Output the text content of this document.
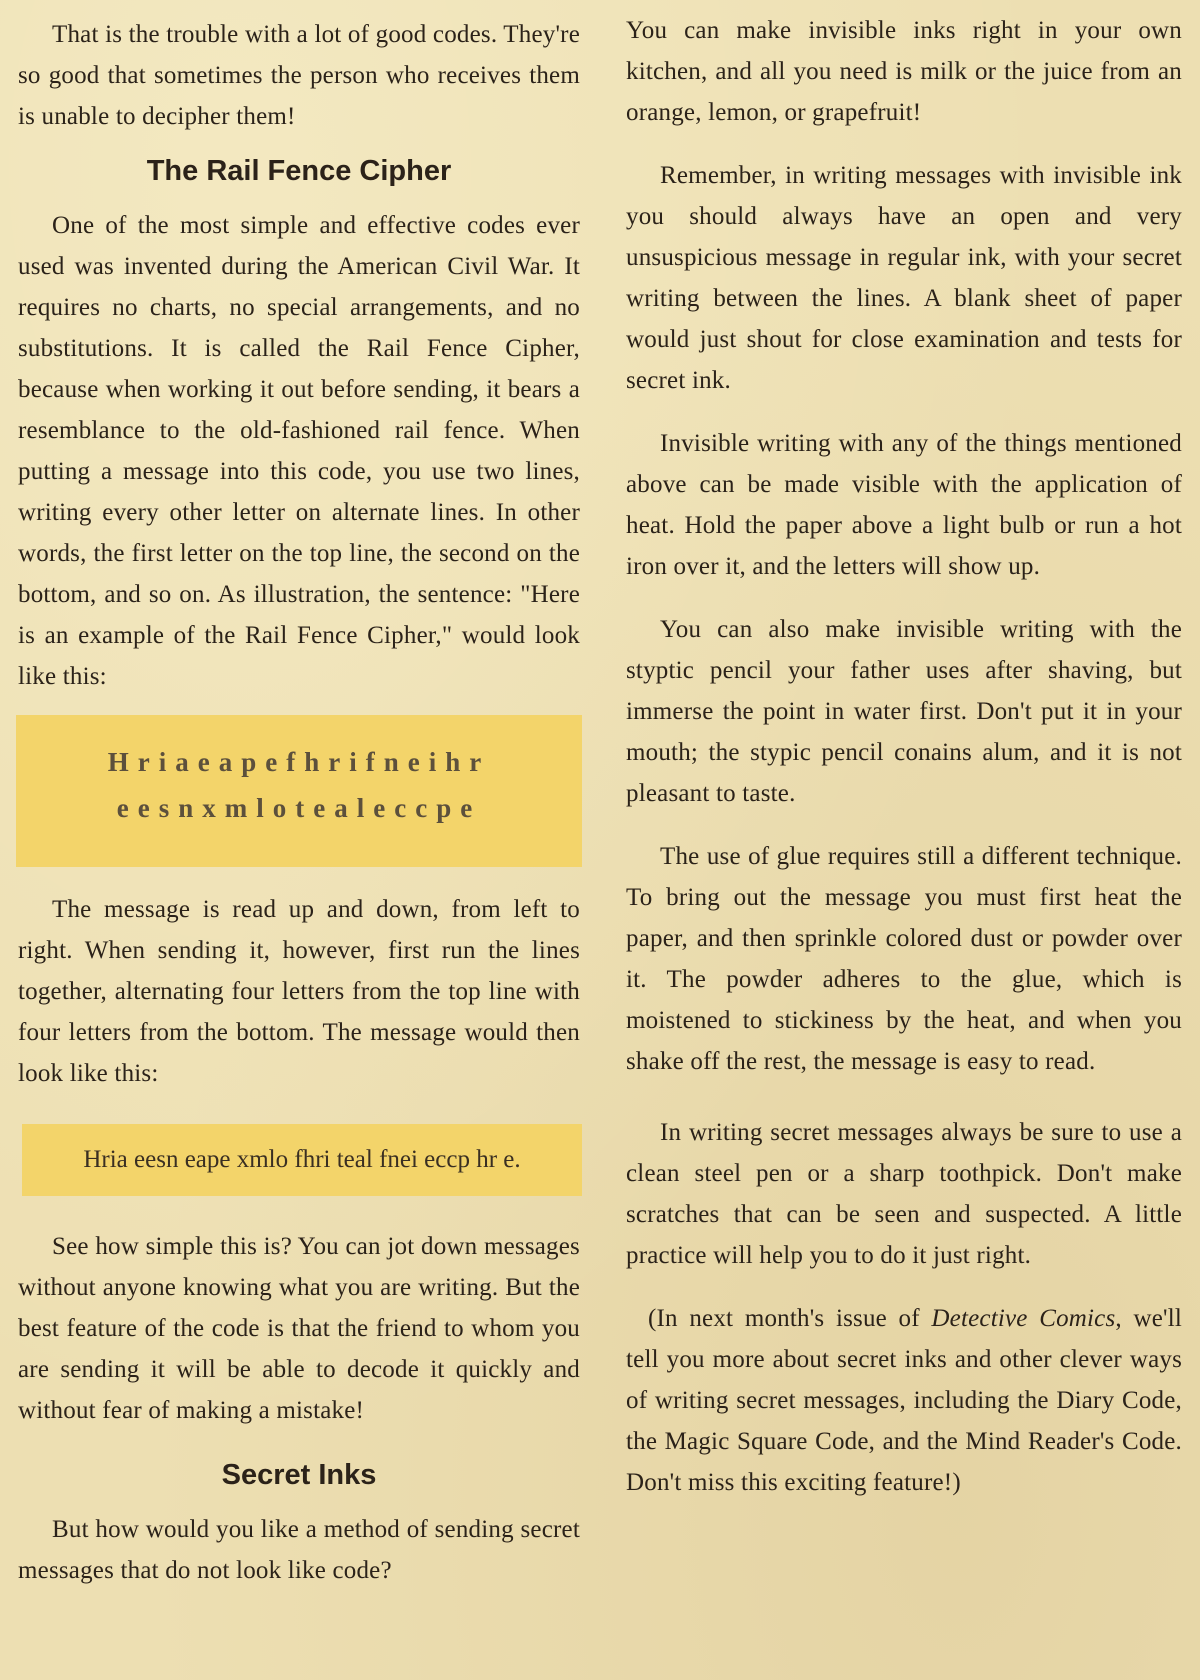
That is the trouble with a lot of good codes. They're so good that sometimes the person who receives them is unable to decipher them!

The Rail Fence Cipher

One of the most simple and effective codes ever used was invented during the American Civil War. It requires no charts, no special arrangements, and no substitutions. It is called the Rail Fence Cipher, because when working it out before sending, it bears a resemblance to the old-fashioned rail fence. When putting a message into this code, you use two lines, writing every other letter on alternate lines. In other words, the first letter on the top line, the second on the bottom, and so on. As illustration, the sentence: "Here is an example of the Rail Fence Cipher," would look like this:

Hriaeapefhrifneihr
eesnxmlotealeccpe

The message is read up and down, from left to right. When sending it, however, first run the lines together, alternating four letters from the top line with four letters from the bottom. The message would then look like this:

Hria eesn eape xmlo fhri teal fnei eccp hr e.

See how simple this is? You can jot down messages without anyone knowing what you are writing. But the best feature of the code is that the friend to whom you are sending it will be able to decode it quickly and without fear of making a mistake!

Secret Inks

But how would you like a method of sending secret messages that do not look like code?

You can make invisible inks right in your own kitchen, and all you need is milk or the juice from an orange, lemon, or grapefruit!

Remember, in writing messages with invisible ink you should always have an open and very unsuspicious message in regular ink, with your secret writing between the lines. A blank sheet of paper would just shout for close examination and tests for secret ink.

Invisible writing with any of the things mentioned above can be made visible with the application of heat. Hold the paper above a light bulb or run a hot iron over it, and the letters will show up.

You can also make invisible writing with the styptic pencil your father uses after shaving, but immerse the point in water first. Don't put it in your mouth; the stypic pencil conains alum, and it is not pleasant to taste.

The use of glue requires still a different technique. To bring out the message you must first heat the paper, and then sprinkle colored dust or powder over it. The powder adheres to the glue, which is moistened to stickiness by the heat, and when you shake off the rest, the message is easy to read.

In writing secret messages always be sure to use a clean steel pen or a sharp toothpick. Don't make scratches that can be seen and suspected. A little practice will help you to do it just right.

(In next month's issue of Detective Comics, we'll tell you more about secret inks and other clever ways of writing secret messages, including the Diary Code, the Magic Square Code, and the Mind Reader's Code. Don't miss this exciting feature!)
